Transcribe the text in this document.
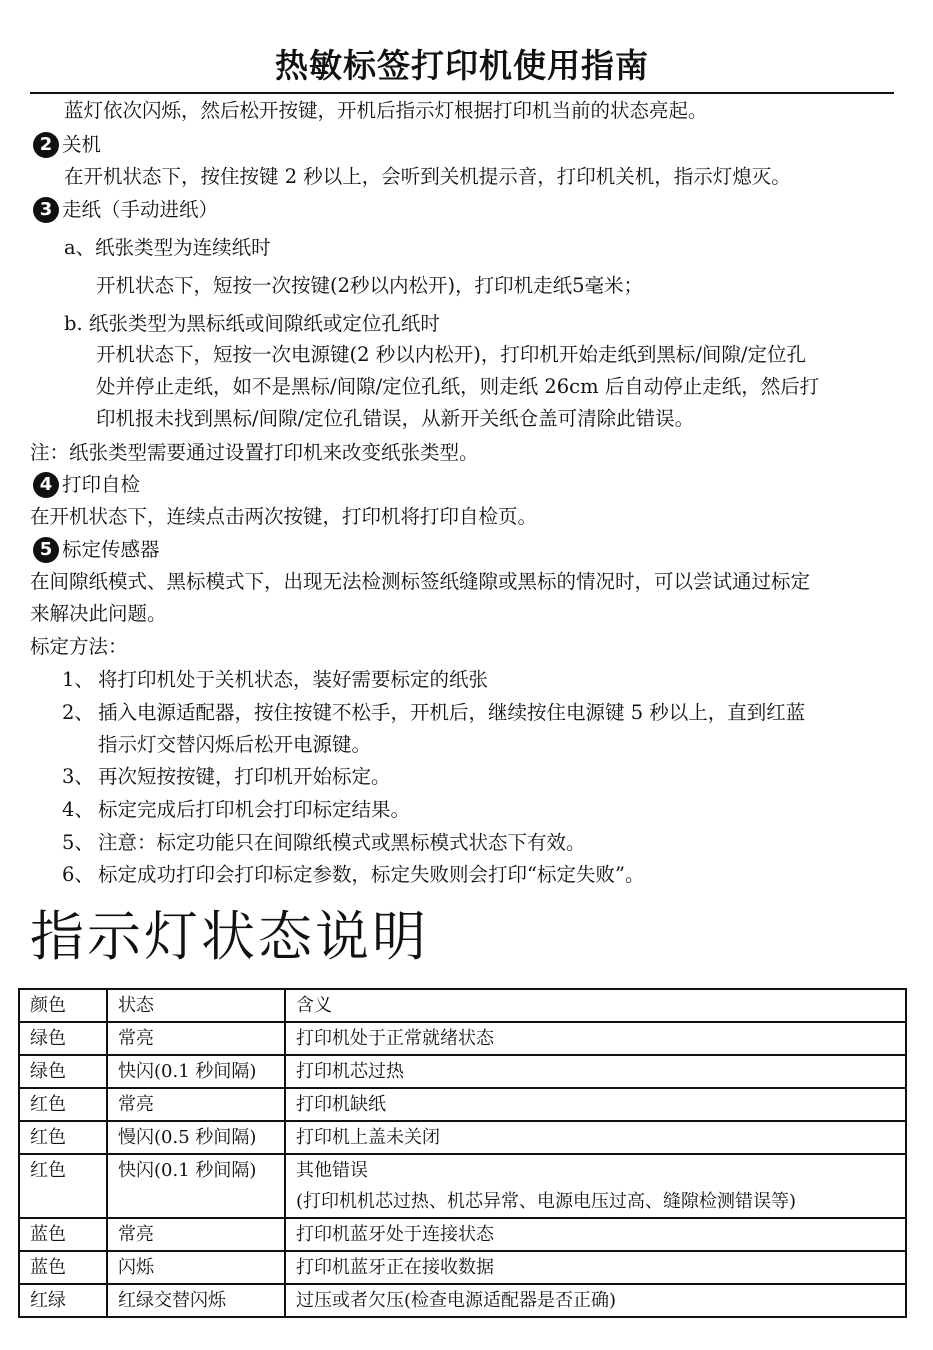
热敏标签打印机使用指南
蓝灯依次闪烁，然后松开按键，开机后指示灯根据打印机当前的状态亮起。
2 关机
在开机状态下，按住按键 2 秒以上，会听到关机提示音，打印机关机，指示灯熄灭。
3 走纸（手动进纸）
a、纸张类型为连续纸时
开机状态下，短按一次按键(2秒以内松开)，打印机走纸5毫米；
b. 纸张类型为黑标纸或间隙纸或定位孔纸时
开机状态下，短按一次电源键(2 秒以内松开)，打印机开始走纸到黑标/间隙/定位孔
处并停止走纸，如不是黑标/间隙/定位孔纸，则走纸 26cm 后自动停止走纸，然后打
印机报未找到黑标/间隙/定位孔错误，从新开关纸仓盖可清除此错误。
注：纸张类型需要通过设置打印机来改变纸张类型。
4 打印自检
在开机状态下，连续点击两次按键，打印机将打印自检页。
5 标定传感器
在间隙纸模式、黑标模式下，出现无法检测标签纸缝隙或黑标的情况时，可以尝试通过标定
来解决此问题。
标定方法：
1、 将打印机处于关机状态，装好需要标定的纸张
2、 插入电源适配器，按住按键不松手，开机后，继续按住电源键 5 秒以上，直到红蓝
指示灯交替闪烁后松开电源键。
3、 再次短按按键，打印机开始标定。
4、 标定完成后打印机会打印标定结果。
5、 注意：标定功能只在间隙纸模式或黑标模式状态下有效。
6、 标定成功打印会打印标定参数，标定失败则会打印“标定失败”。
指示灯状态说明
颜色	状态	含义
绿色	常亮	打印机处于正常就绪状态
绿色	快闪(0.1 秒间隔)	打印机芯过热
红色	常亮	打印机缺纸
红色	慢闪(0.5 秒间隔)	打印机上盖未关闭
红色	快闪(0.1 秒间隔)	其他错误
(打印机机芯过热、机芯异常、电源电压过高、缝隙检测错误等)

蓝色	常亮	打印机蓝牙处于连接状态
蓝色	闪烁	打印机蓝牙正在接收数据
红绿	红绿交替闪烁	过压或者欠压(检查电源适配器是否正确)
